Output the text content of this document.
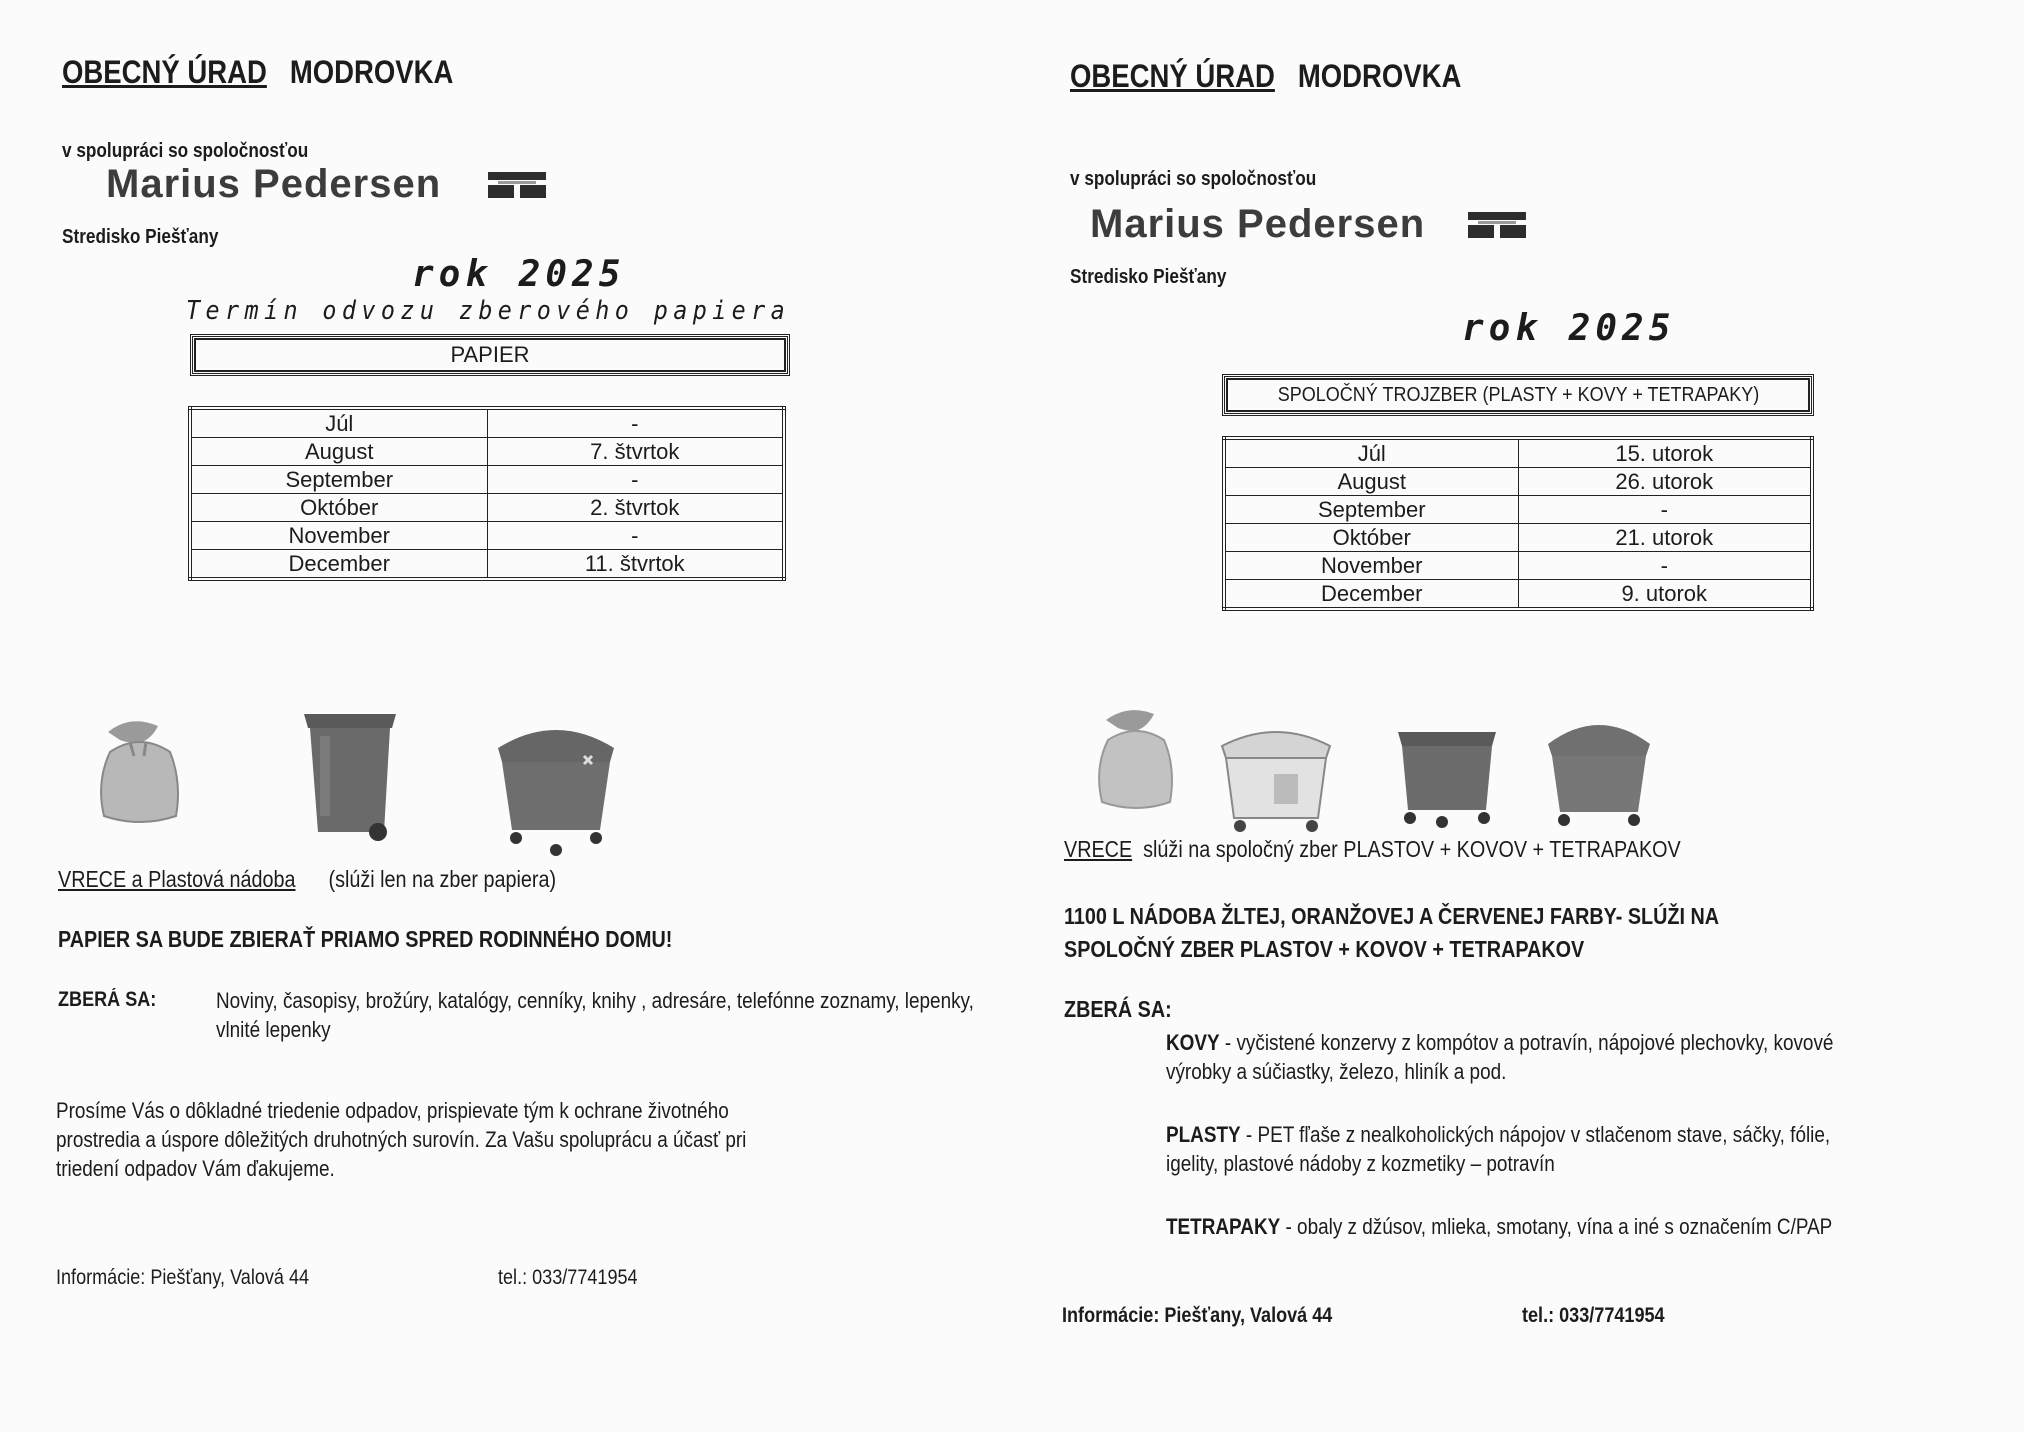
OBECNÝ ÚRAD MODROVKA
v spolupráci so spoločnosťou
Marius Pedersen
Stredisko Piešťany
rok 2025
Termín odvozu zberového papiera
PAPIER
Júl	-
August	7. štvrtok
September	-
Október	2. štvrtok
November	-
December	11. štvrtok
VRECE a Plastová nádoba (slúži len na zber papiera)
PAPIER SA BUDE ZBIERAŤ PRIAMO SPRED RODINNÉHO DOMU!
ZBERÁ SA:	Noviny, časopisy, brožúry, katalógy, cenníky, knihy , adresáre, telefónne zoznamy, lepenky, vlnité lepenky
Prosíme Vás o dôkladné triedenie odpadov, prispievate tým k ochrane životného prostredia a úspore dôležitých druhotných surovín. Za Vašu spoluprácu a účasť pri triedení odpadov Vám ďakujeme.
Informácie: Piešťany, Valová 44	tel.: 033/7741954
OBECNÝ ÚRAD MODROVKA
v spolupráci so spoločnosťou
Marius Pedersen
Stredisko Piešťany
rok 2025
SPOLOČNÝ TROJZBER (PLASTY + KOVY + TETRAPAKY)
Júl	15. utorok
August	26. utorok
September	-
Október	21. utorok
November	-
December	9. utorok
VRECE slúži na spoločný zber PLASTOV + KOVOV + TETRAPAKOV
1100 L NÁDOBA ŽLTEJ, ORANŽOVEJ A ČERVENEJ FARBY- SLÚŽI NA SPOLOČNÝ ZBER PLASTOV + KOVOV + TETRAPAKOV
ZBERÁ SA:
KOVY - vyčistené konzervy z kompótov a potravín, nápojové plechovky, kovové výrobky a súčiastky, železo, hliník a pod.
PLASTY - PET fľaše z nealkoholických nápojov v stlačenom stave, sáčky, fólie, igelity, plastové nádoby z kozmetiky – potravín
TETRAPAKY - obaly z džúsov, mlieka, smotany, vína a iné s označením C/PAP
Informácie: Piešťany, Valová 44	tel.: 033/7741954
